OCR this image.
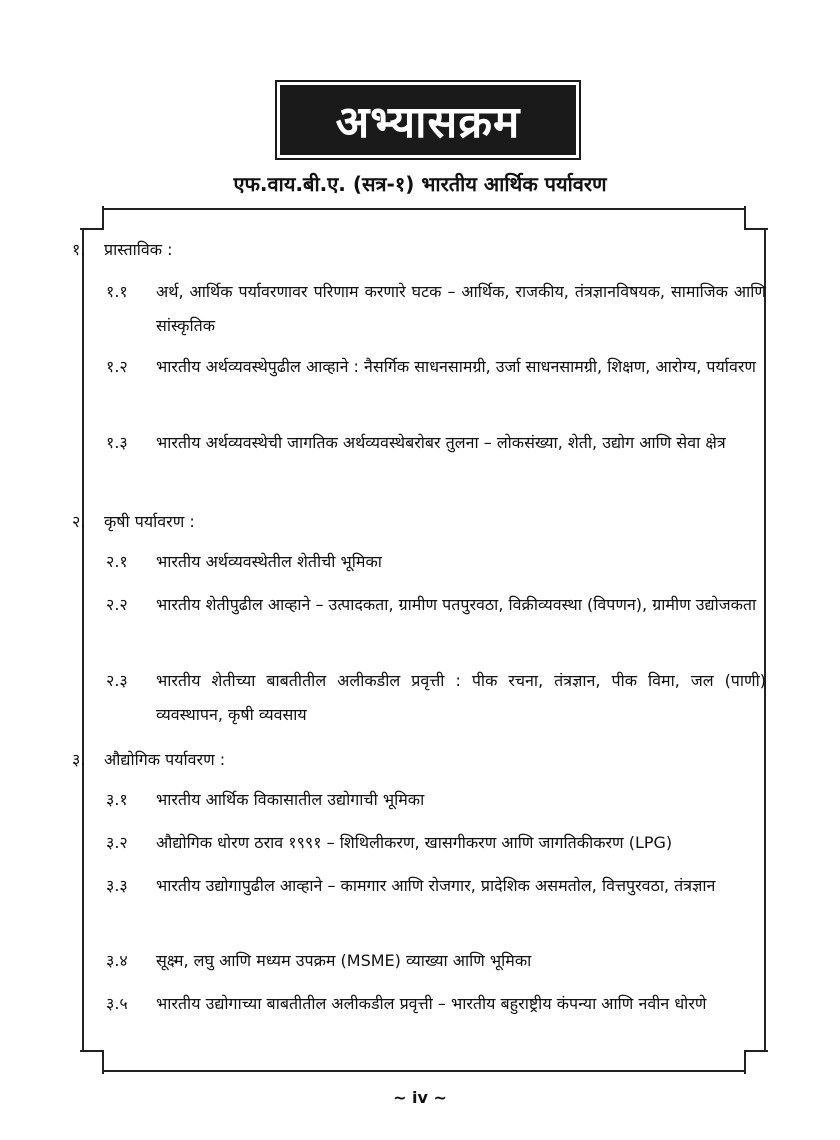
अभ्यासक्रम
एफ.वाय.बी.ए. (सत्र-१) भारतीय आर्थिक पर्यावरण
१. प्रास्ताविक :
१.१ अर्थ, आर्थिक पर्यावरणावर परिणाम करणारे घटक – आर्थिक, राजकीय, तंत्रज्ञानविषयक, सामाजिक आणि सांस्कृतिक
१.२ भारतीय अर्थव्यवस्थेपुढील आव्हाने : नैसर्गिक साधनसामग्री, उर्जा साधनसामग्री, शिक्षण, आरोग्य, पर्यावरण
१.३ भारतीय अर्थव्यवस्थेची जागतिक अर्थव्यवस्थेबरोबर तुलना – लोकसंख्या, शेती, उद्योग आणि सेवा क्षेत्र
२. कृषी पर्यावरण :
२.१ भारतीय अर्थव्यवस्थेतील शेतीची भूमिका
२.२ भारतीय शेतीपुढील आव्हाने – उत्पादकता, ग्रामीण पतपुरवठा, विक्रीव्यवस्था (विपणन), ग्रामीण उद्योजकता
२.३ भारतीय शेतीच्या बाबतीतील अलीकडील प्रवृत्ती : पीक रचना, तंत्रज्ञान, पीक विमा, जल (पाणी) व्यवस्थापन, कृषी व्यवसाय
३. औद्योगिक पर्यावरण :
३.१ भारतीय आर्थिक विकासातील उद्योगाची भूमिका
३.२ औद्योगिक धोरण ठराव १९९१ – शिथिलीकरण, खासगीकरण आणि जागतिकीकरण (LPG)
३.३ भारतीय उद्योगापुढील आव्हाने – कामगार आणि रोजगार, प्रादेशिक असमतोल, वित्तपुरवठा, तंत्रज्ञान
३.४ सूक्ष्म, लघु आणि मध्यम उपक्रम (MSME) व्याख्या आणि भूमिका
३.५ भारतीय उद्योगाच्या बाबतीतील अलीकडील प्रवृत्ती – भारतीय बहुराष्ट्रीय कंपन्या आणि नवीन धोरणे
~ iv ~
